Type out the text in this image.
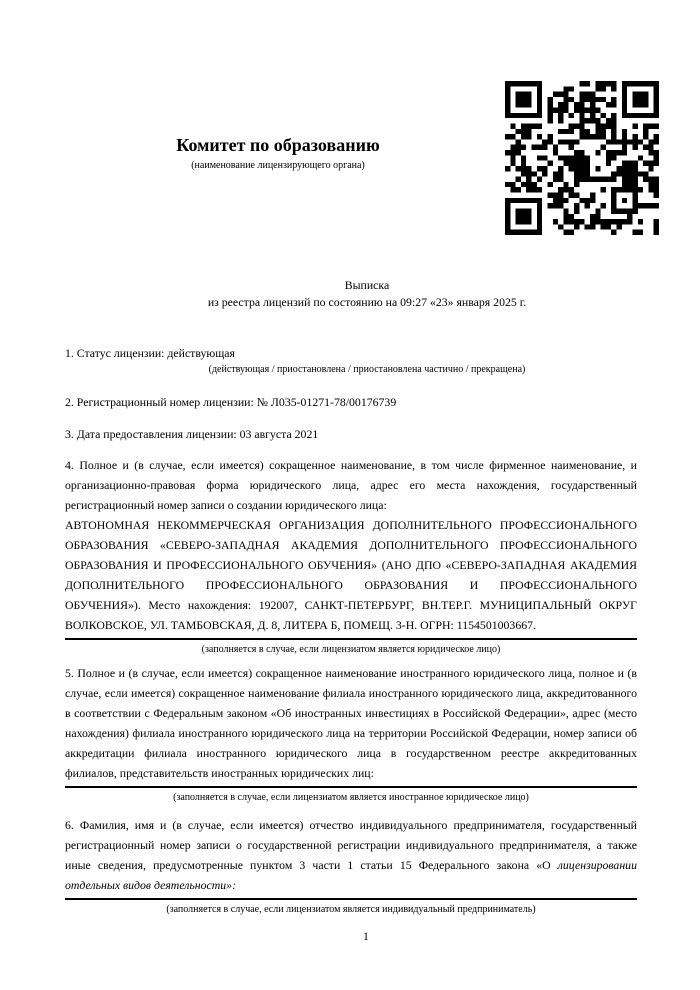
Комитет по образованию
(наименование лицензирующего органа)
Выписка
из реестра лицензий по состоянию на 09:27 «23» января 2025 г.
1. Статус лицензии: действующая
(действующая / приостановлена / приостановлена частично / прекращена)
2. Регистрационный номер лицензии: № Л035-01271-78/00176739
3. Дата предоставления лицензии: 03 августа 2021

4. Полное и (в случае, если имеется) сокращенное наименование, в том числе фирменное наименование, и организационно-правовая форма юридического лица, адрес его места нахождения, государственный регистрационный номер записи о создании юридического лица:

АВТОНОМНАЯ НЕКОММЕРЧЕСКАЯ ОРГАНИЗАЦИЯ ДОПОЛНИТЕЛЬНОГО ПРОФЕССИОНАЛЬНОГО ОБРАЗОВАНИЯ «СЕВЕРО-ЗАПАДНАЯ АКАДЕМИЯ ДОПОЛНИТЕЛЬНОГО ПРОФЕССИОНАЛЬНОГО ОБРАЗОВАНИЯ И ПРОФЕССИОНАЛЬНОГО ОБУЧЕНИЯ» (АНО ДПО «СЕВЕРО-ЗАПАДНАЯ АКАДЕМИЯ ДОПОЛНИТЕЛЬНОГО ПРОФЕССИОНАЛЬНОГО ОБРАЗОВАНИЯ И ПРОФЕССИОНАЛЬНОГО ОБУЧЕНИЯ»). Место нахождения: 192007, САНКТ-ПЕТЕРБУРГ, ВН.ТЕР.Г. МУНИЦИПАЛЬНЫЙ ОКРУГ ВОЛКОВСКОЕ, УЛ. ТАМБОВСКАЯ, Д. 8, ЛИТЕРА Б, ПОМЕЩ. 3-Н. ОГРН: 1154501003667.

(заполняется в случае, если лицензиатом является юридическое лицо)

5. Полное и (в случае, если имеется) сокращенное наименование иностранного юридического лица, полное и (в случае, если имеется) сокращенное наименование филиала иностранного юридического лица, аккредитованного в соответствии с Федеральным законом «Об иностранных инвестициях в Российской Федерации», адрес (место нахождения) филиала иностранного юридического лица на территории Российской Федерации, номер записи об аккредитации филиала иностранного юридического лица в государственном реестре аккредитованных филиалов, представительств иностранных юридических лиц:

(заполняется в случае, если лицензиатом является иностранное юридическое лицо)

6. Фамилия, имя и (в случае, если имеется) отчество индивидуального предпринимателя, государственный регистрационный номер записи о государственной регистрации индивидуального предпринимателя, а также иные сведения, предусмотренные пунктом 3 части 1 статьи 15 Федерального закона «О лицензировании отдельных видов деятельности»:

(заполняется в случае, если лицензиатом является индивидуальный предприниматель)
1
